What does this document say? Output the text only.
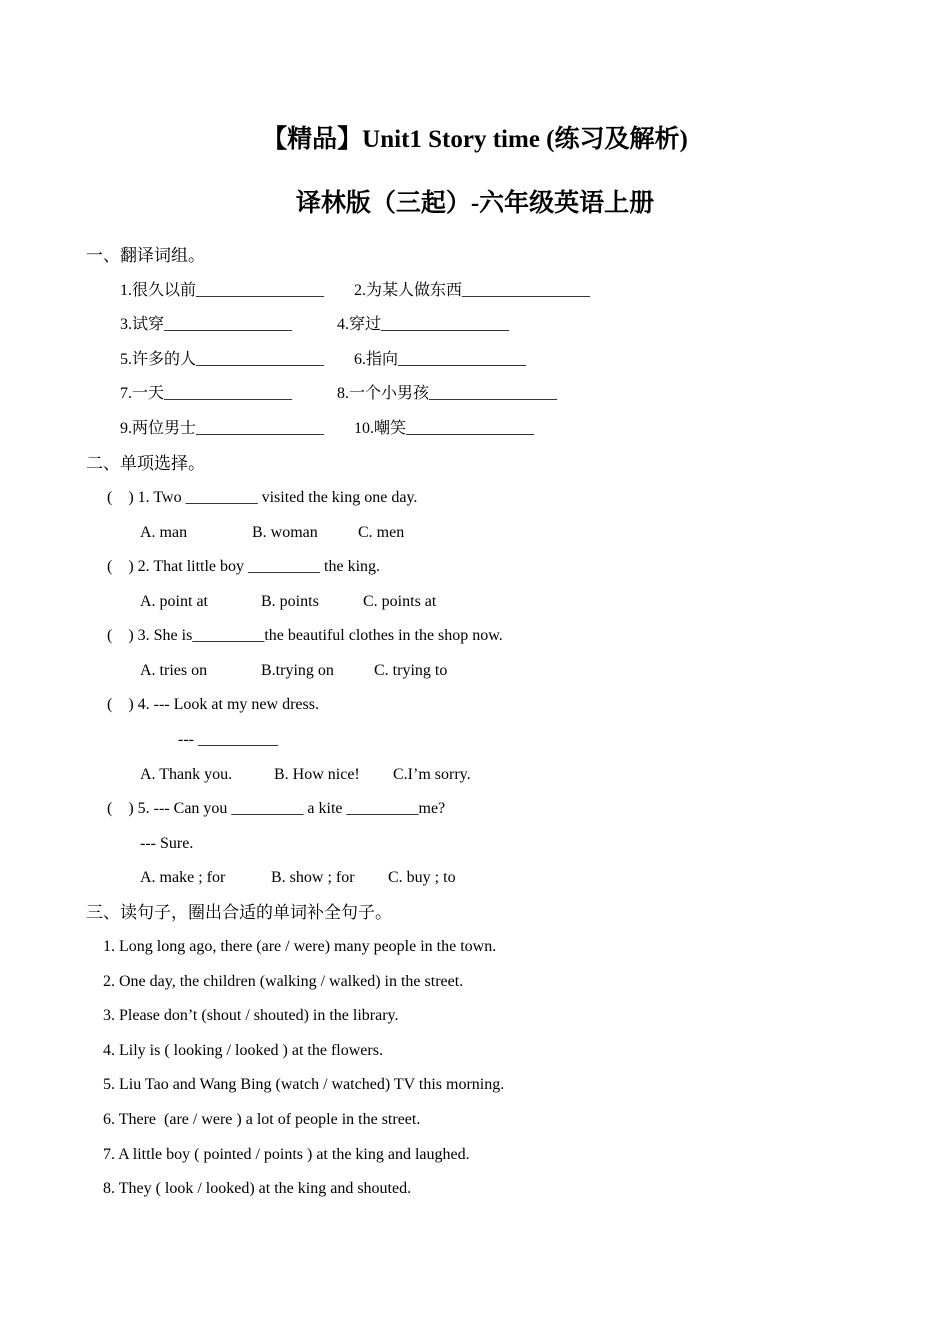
【精品】Unit1 Story time (练习及解析)
译林版（三起）-六年级英语上册
一、翻译词组。
1.很久以前________________ 2.为某人做东西________________
3.试穿________________	4.穿过________________
5.许多的人________________ 6.指向________________
7.一天________________	8.一个小男孩________________
9.两位男士________________ 10.嘲笑________________
二、单项选择。
(    ) 1. Two _________ visited the king one day.
A. man	B. woman	C. men
(    ) 2. That little boy _________ the king.
A. point at	B. points	C. points at
(    ) 3. She is_________the beautiful clothes in the shop now.
A. tries on	B.trying on	C. trying to
(    ) 4. --- Look at my new dress.
--- __________
A. Thank you.	B. How nice! C.I’m sorry.
(    ) 5. --- Can you _________ a kite _________me?
--- Sure.
A. make ; for	B. show ; for C. buy ; to
三、读句子，圈出合适的单词补全句子。
1. Long long ago, there (are / were) many people in the town.
2. One day, the children (walking / walked) in the street.
3. Please don’t (shout / shouted) in the library.
4. Lily is ( looking / looked ) at the flowers.
5. Liu Tao and Wang Bing (watch / watched) TV this morning.
6. There  (are / were ) a lot of people in the street.
7. A little boy ( pointed / points ) at the king and laughed.
8. They ( look / looked) at the king and shouted.
